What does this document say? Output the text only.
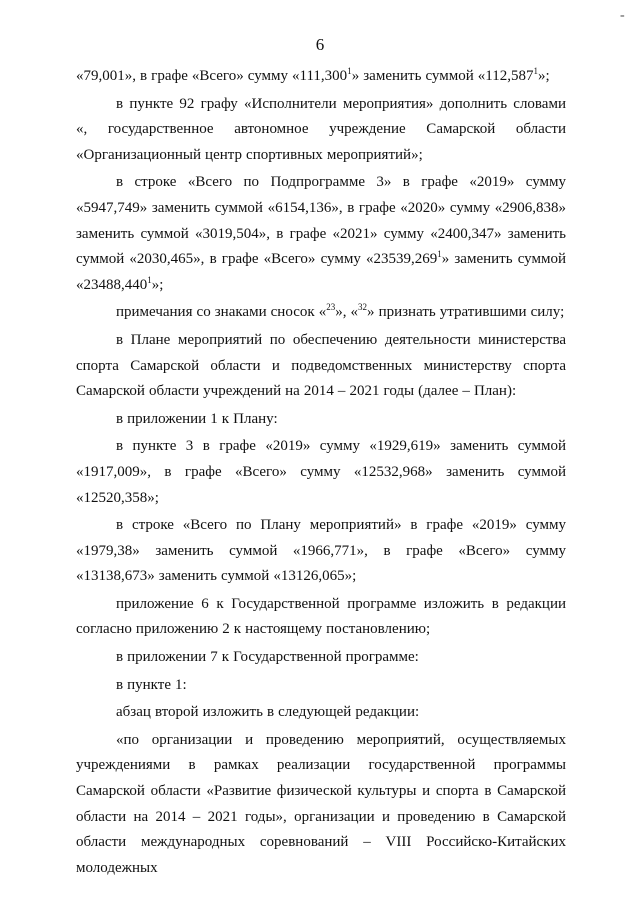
6
-

«79,001», в графе «Всего» сумму «111,300$^1$» заменить суммой «112,587$^1$»;

в пункте 92 графу «Исполнители мероприятия» дополнить словами «, государственное автономное учреждение Самарской области «Организационный центр спортивных мероприятий»;

в строке «Всего по Подпрограмме 3» в графе «2019» сумму «5947,749» заменить суммой «6154,136», в графе «2020» сумму «2906,838» заменить суммой «3019,504», в графе «2021» сумму «2400,347» заменить суммой «2030,465», в графе «Всего» сумму «23539,269$^1$» заменить суммой «23488,440$^1$»;

примечания со знаками сносок «$^{23}$», «$^{32}$» признать утратившими силу;

в Плане мероприятий по обеспечению деятельности министерства спорта Самарской области и подведомственных министерству спорта Самарской области учреждений на 2014 – 2021 годы (далее – План):

в приложении 1 к Плану:

в пункте 3 в графе «2019» сумму «1929,619» заменить суммой «1917,009», в графе «Всего» сумму «12532,968» заменить суммой «12520,358»;

в строке «Всего по Плану мероприятий» в графе «2019» сумму «1979,38» заменить суммой «1966,771», в графе «Всего» сумму «13138,673» заменить суммой «13126,065»;

приложение 6 к Государственной программе изложить в редакции согласно приложению 2 к настоящему постановлению;

в приложении 7 к Государственной программе:

в пункте 1:

абзац второй изложить в следующей редакции:

«по организации и проведению мероприятий, осуществляемых учреждениями в рамках реализации государственной программы Самарской области «Развитие физической культуры и спорта в Самарской области на 2014 – 2021 годы», организации и проведению в Самарской области международных соревнований – VIII Российско-Китайских молодежных
